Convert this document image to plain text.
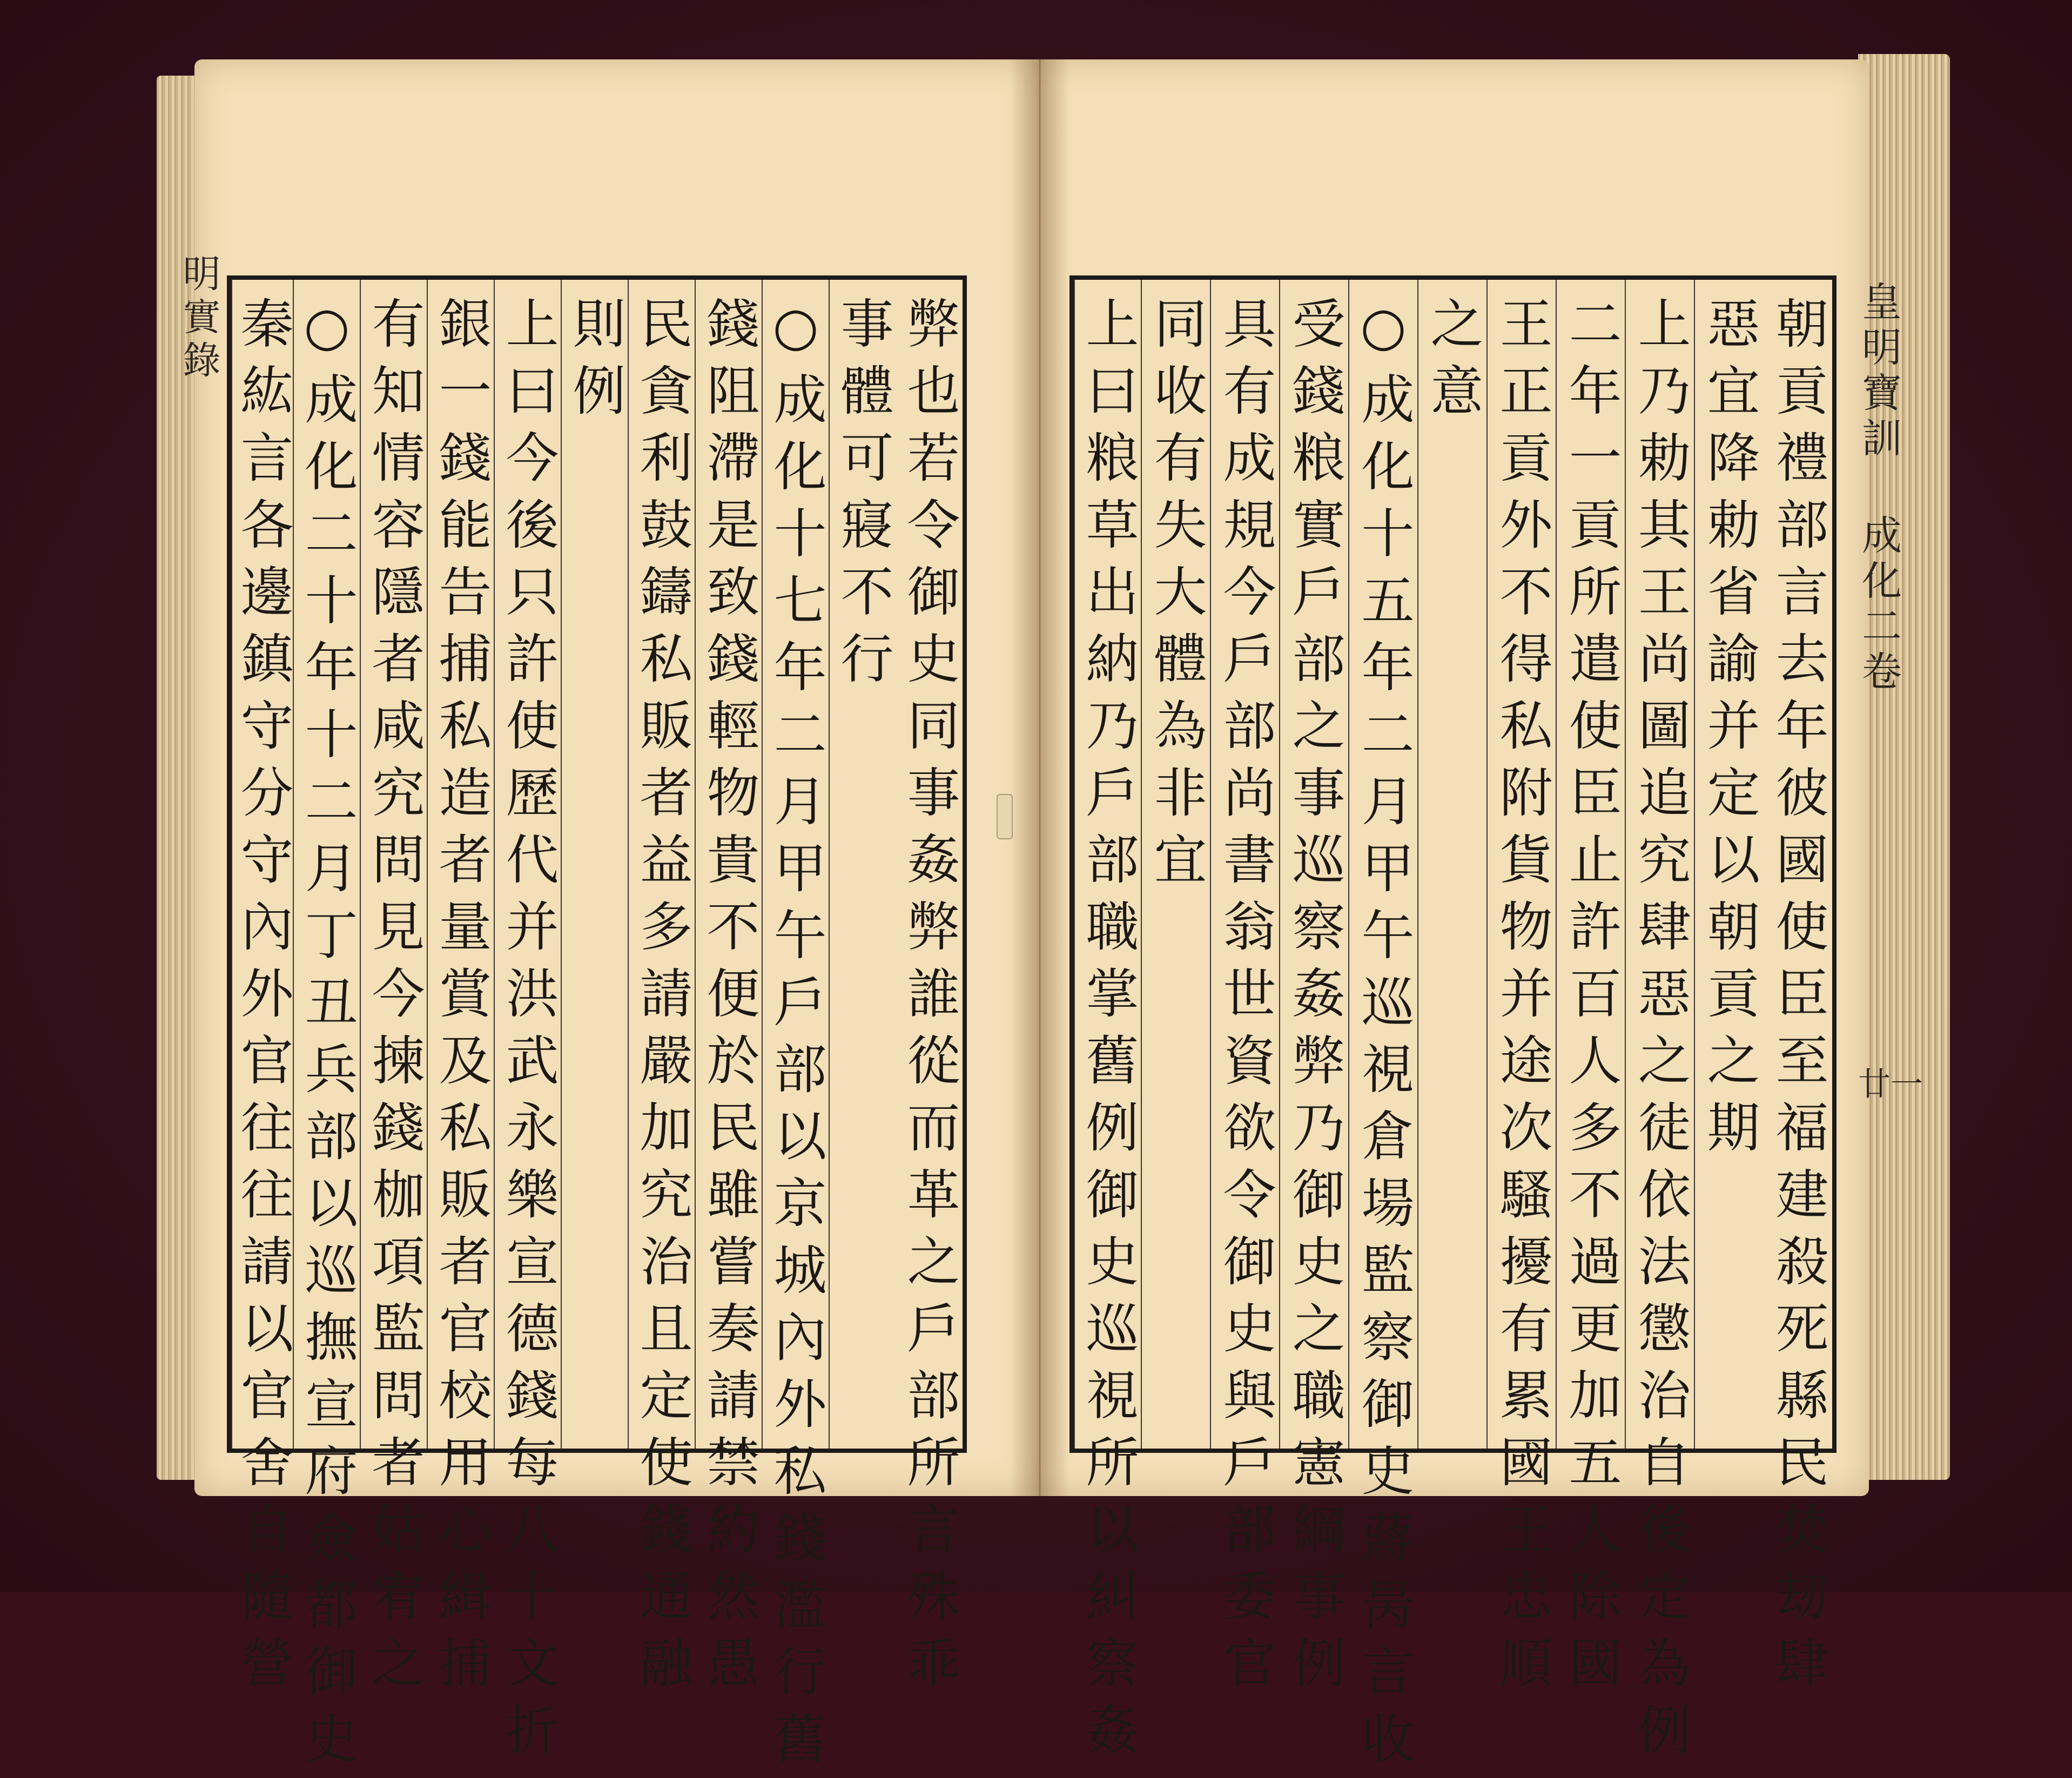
明實錄	皇明寶訓 成化二卷
廿一
弊也若令御史同事姦弊誰從而革之戶部所言殊乖
事體可寢不行
○成化十七年二月甲午戶部以京城內外私錢濫行舊
錢阻滯是致錢輕物貴不便於民雖嘗奏請禁約然愚
民貪利鼓鑄私販者益多請嚴加究治且定使錢通融
則例
上曰今後只許使歷代并洪武永樂宣德錢每八十文折
銀一錢能告捕私造者量賞及私販者官校用心緝捕
有知情容隱者咸究問見今揀錢枷項監問者姑宥之
○成化二十年十二月丁丑兵部以巡撫宣府僉都御史
秦紘言各邊鎮守分守內外官往往請以官舍自隨營	朝貢禮部言去年彼國使臣至福建殺死縣民焚刼肆
惡宜降勅省諭并定以朝貢之期
上乃勅其王尚圖追究肆惡之徒依法懲治自後定為例
二年一貢所遣使臣止許百人多不過更加五人除國
王正貢外不得私附貨物并途次騷擾有累國王忠順
之意
○成化十五年二月甲午巡視倉場監察御史蔣昺言收
受錢粮實戶部之事巡察姦弊乃御史之職憲綱事例
具有成規今戶部尚書翁世資欲令御史與戶部委官
同收有失大體為非宜
上曰粮草出納乃戶部職掌舊例御史巡視所以糾察姦
